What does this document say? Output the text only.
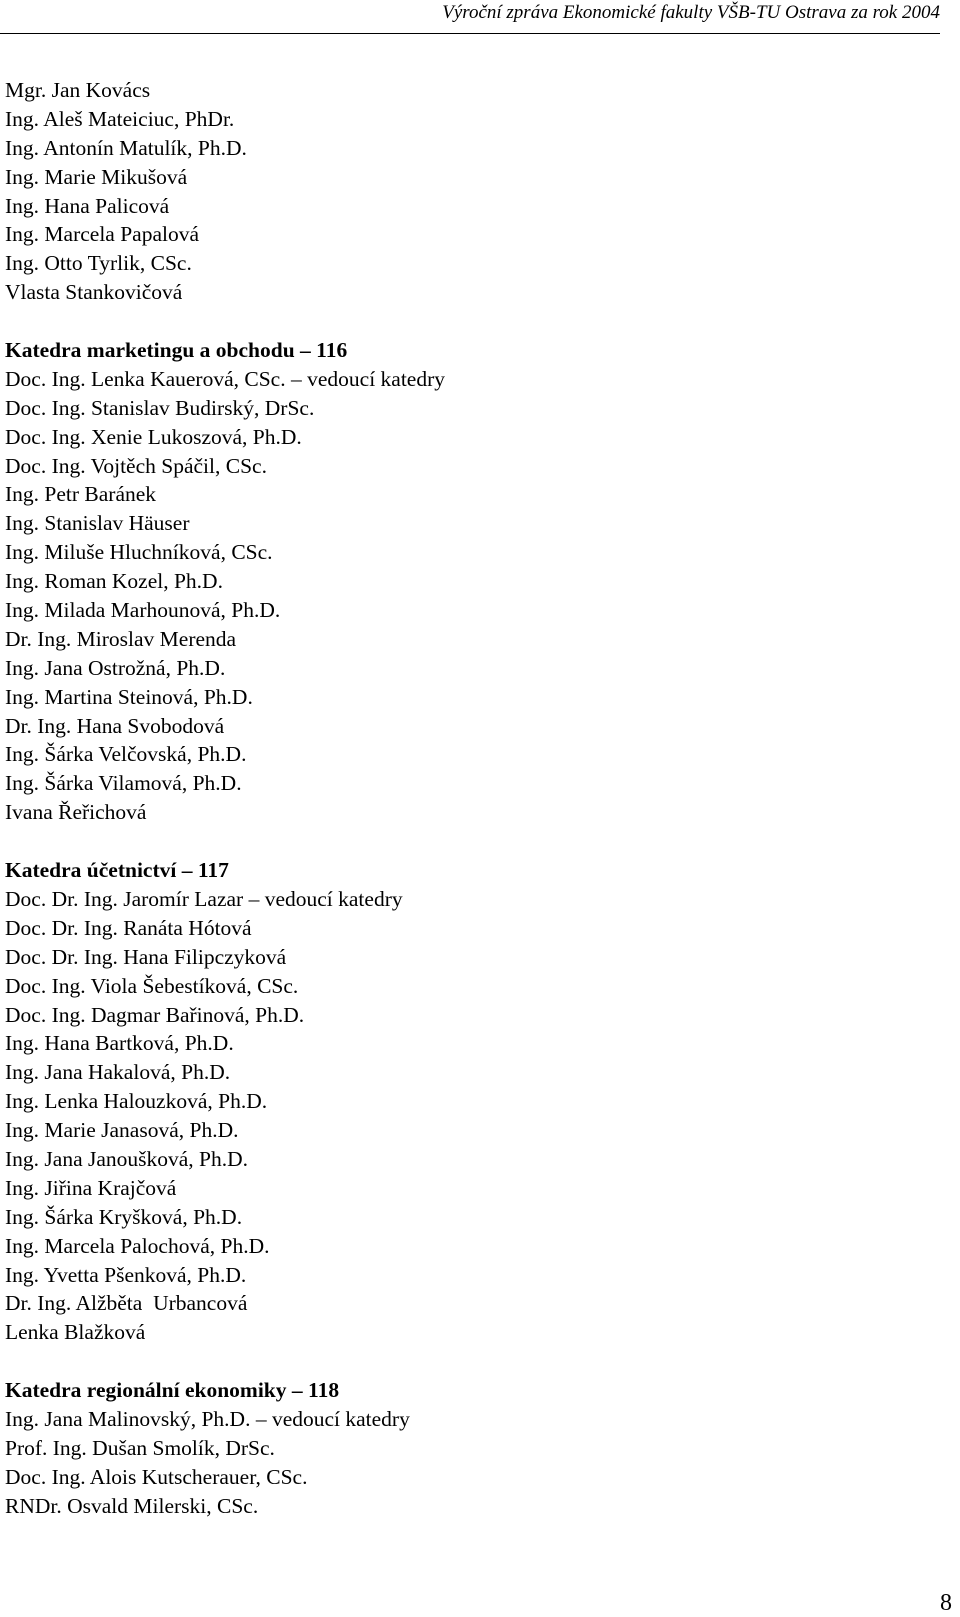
Výroční zpráva Ekonomické fakulty VŠB-TU Ostrava za rok 2004
Mgr. Jan Kovács
Ing. Aleš Mateiciuc, PhDr.
Ing. Antonín Matulík, Ph.D.
Ing. Marie Mikušová
Ing. Hana Palicová
Ing. Marcela Papalová
Ing. Otto Tyrlik, CSc.
Vlasta Stankovičová
Katedra marketingu a obchodu – 116
Doc. Ing. Lenka Kauerová, CSc. – vedoucí katedry
Doc. Ing. Stanislav Budirský, DrSc.
Doc. Ing. Xenie Lukoszová, Ph.D.
Doc. Ing. Vojtěch Spáčil, CSc.
Ing. Petr Baránek
Ing. Stanislav Häuser
Ing. Miluše Hluchníková, CSc.
Ing. Roman Kozel, Ph.D.
Ing. Milada Marhounová, Ph.D.
Dr. Ing. Miroslav Merenda
Ing. Jana Ostrožná, Ph.D.
Ing. Martina Steinová, Ph.D.
Dr. Ing. Hana Svobodová
Ing. Šárka Velčovská, Ph.D.
Ing. Šárka Vilamová, Ph.D.
Ivana Řeřichová
Katedra účetnictví – 117
Doc. Dr. Ing. Jaromír Lazar – vedoucí katedry
Doc. Dr. Ing. Ranáta Hótová
Doc. Dr. Ing. Hana Filipczyková
Doc. Ing. Viola Šebestíková, CSc.
Doc. Ing. Dagmar Bařinová, Ph.D.
Ing. Hana Bartková, Ph.D.
Ing. Jana Hakalová, Ph.D.
Ing. Lenka Halouzková, Ph.D.
Ing. Marie Janasová, Ph.D.
Ing. Jana Janoušková, Ph.D.
Ing. Jiřina Krajčová
Ing. Šárka Kryšková, Ph.D.
Ing. Marcela Palochová, Ph.D.
Ing. Yvetta Pšenková, Ph.D.
Dr. Ing. Alžběta  Urbancová
Lenka Blažková
Katedra regionální ekonomiky – 118
Ing. Jana Malinovský, Ph.D. – vedoucí katedry
Prof. Ing. Dušan Smolík, DrSc.
Doc. Ing. Alois Kutscherauer, CSc.
RNDr. Osvald Milerski, CSc.
8
